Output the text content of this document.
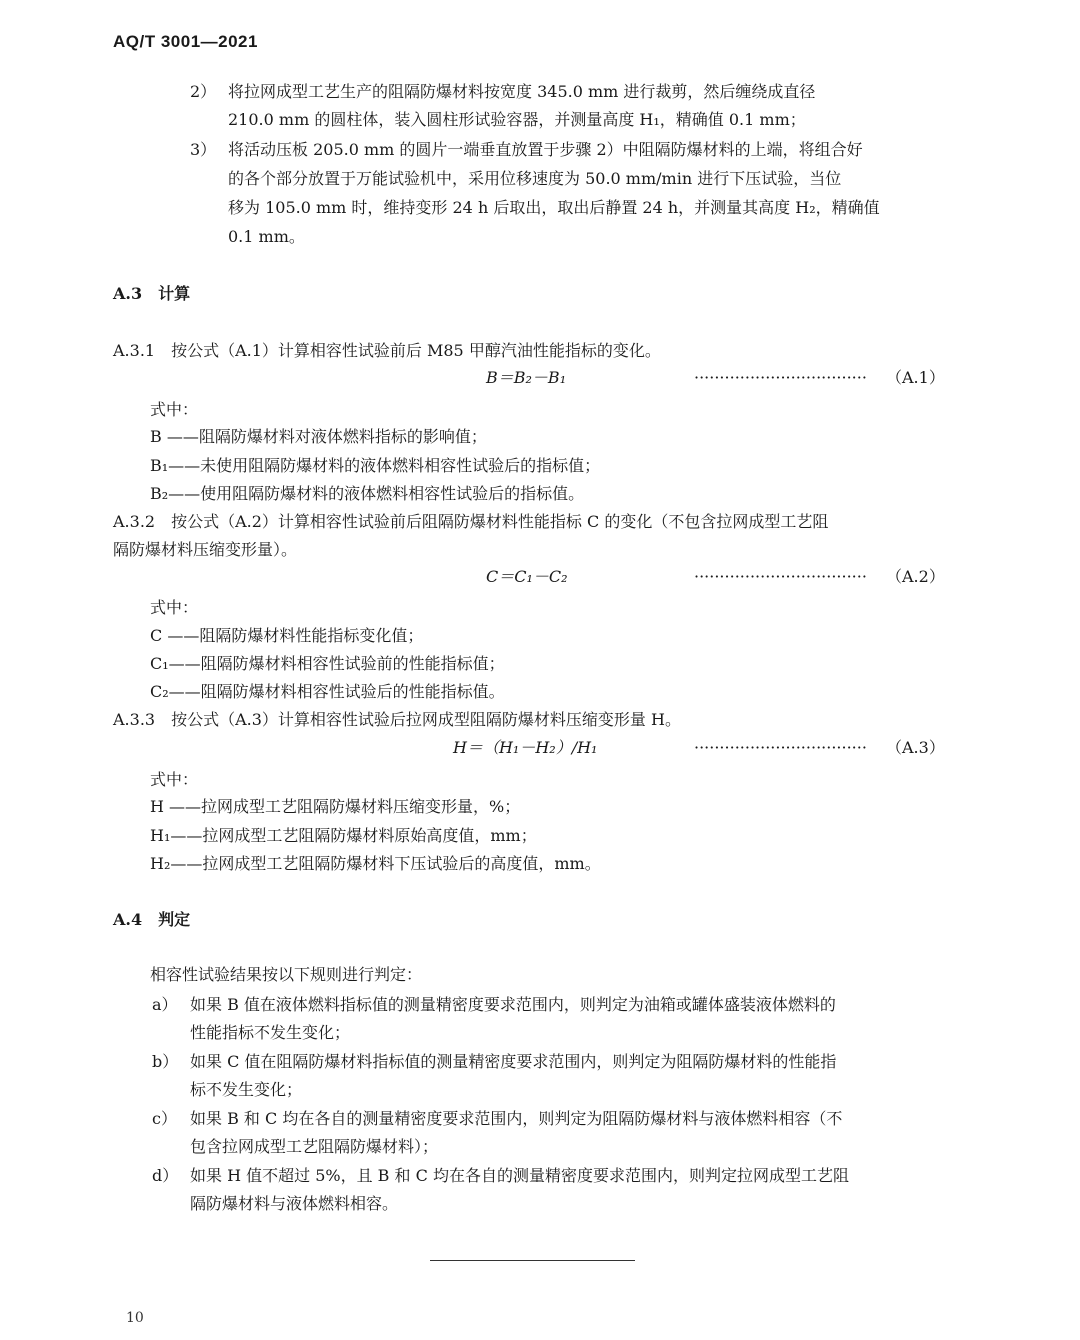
AQ/T 3001—2021
2） 将拉网成型工艺生产的阻隔防爆材料按宽度 345.0 mm 进行裁剪，然后缠绕成直径
210.0 mm 的圆柱体，装入圆柱形试验容器，并测量高度 H₁，精确值 0.1 mm；
3） 将活动压板 205.0 mm 的圆片一端垂直放置于步骤 2）中阻隔防爆材料的上端，将组合好
的各个部分放置于万能试验机中，采用位移速度为 50.0 mm/min 进行下压试验，当位
移为 105.0 mm 时，维持变形 24 h 后取出，取出后静置 24 h，并测量其高度 H₂，精确值
0.1 mm。
A.3　计算
A.3.1　按公式（A.1）计算相容性试验前后 M85 甲醇汽油性能指标的变化。
B＝B₂－B₁	·································· （A.1）
式中：
B ——阻隔防爆材料对液体燃料指标的影响值；
B₁——未使用阻隔防爆材料的液体燃料相容性试验后的指标值；
B₂——使用阻隔防爆材料的液体燃料相容性试验后的指标值。
A.3.2　按公式（A.2）计算相容性试验前后阻隔防爆材料性能指标 C 的变化（不包含拉网成型工艺阻
隔防爆材料压缩变形量）。
C＝C₁－C₂	·································· （A.2）
式中：
C ——阻隔防爆材料性能指标变化值；
C₁——阻隔防爆材料相容性试验前的性能指标值；
C₂——阻隔防爆材料相容性试验后的性能指标值。
A.3.3　按公式（A.3）计算相容性试验后拉网成型阻隔防爆材料压缩变形量 H。
H＝（H₁－H₂）/H₁	·································· （A.3）
式中：
H ——拉网成型工艺阻隔防爆材料压缩变形量，%；
H₁——拉网成型工艺阻隔防爆材料原始高度值，mm；
H₂——拉网成型工艺阻隔防爆材料下压试验后的高度值，mm。
A.4　判定
相容性试验结果按以下规则进行判定：
a） 如果 B 值在液体燃料指标值的测量精密度要求范围内，则判定为油箱或罐体盛装液体燃料的
性能指标不发生变化；
b） 如果 C 值在阻隔防爆材料指标值的测量精密度要求范围内，则判定为阻隔防爆材料的性能指
标不发生变化；
c） 如果 B 和 C 均在各自的测量精密度要求范围内，则判定为阻隔防爆材料与液体燃料相容（不
包含拉网成型工艺阻隔防爆材料）；
d） 如果 H 值不超过 5%，且 B 和 C 均在各自的测量精密度要求范围内，则判定拉网成型工艺阻
隔防爆材料与液体燃料相容。
10
